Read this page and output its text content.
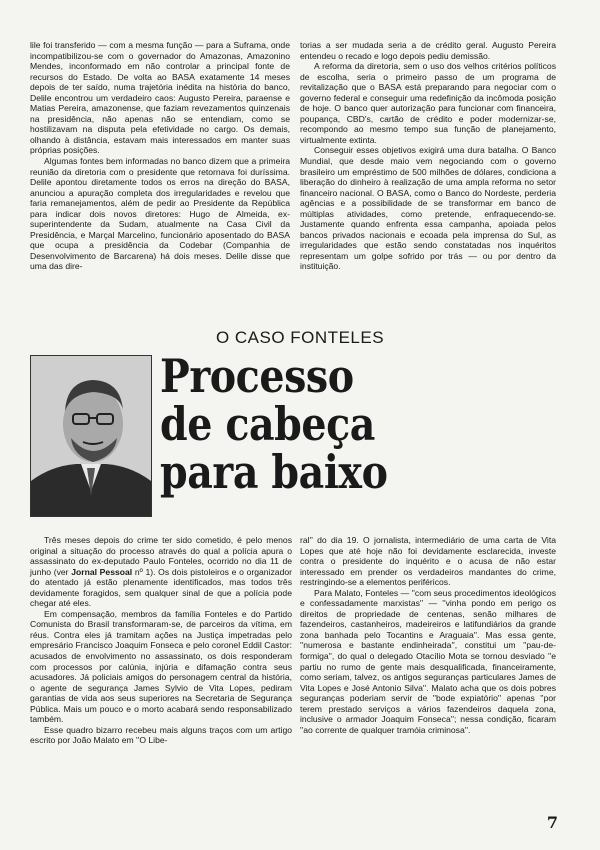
lile foi transferido — com a mesma função — para a Suframa, onde incompatibilizou-se com o governador do Amazonas, Amazonino Mendes, inconformado em não controlar a principal fonte de recursos do Estado. De volta ao BASA exatamente 14 meses depois de ter saído, numa trajetória inédita na história do banco, Delile encontrou um verdadeiro caos: Augusto Pereira, paraense e Matias Pereira, amazonense, que faziam revezamentos quinzenais na presidência, não apenas não se entendiam, como se hostilizavam na disputa pela efetividade no cargo. Os demais, olhando à distância, estavam mais interessados em manter suas próprias posições.

Algumas fontes bem informadas no banco dizem que a primeira reunião da diretoria com o presidente que retornava foi duríssima. Delile apontou diretamente todos os erros na direção do BASA, anunciou a apuração completa dos irregularidades e revelou que faria remanejamentos, além de pedir ao Presidente da República para indicar dois novos diretores: Hugo de Almeida, ex-superintendente da Sudam, atualmente na Casa Civil da Presidência, e Marçal Marcelino, funcionário aposentado do BASA que ocupa a presidência da Codebar (Companhia de Desenvolvimento de Barcarena) há dois meses. Delile disse que uma das dire-

torias a ser mudada seria a de crédito geral. Augusto Pereira entendeu o recado e logo depois pediu demissão.

A reforma da diretoria, sem o uso dos velhos critérios políticos de escolha, seria o primeiro passo de um programa de revitalização que o BASA está preparando para negociar com o governo federal e conseguir uma redefinição da incômoda posição de hoje. O banco quer autorização para funcionar com financeira, poupança, CBD's, cartão de crédito e poder modernizar-se, recompondo ao mesmo tempo sua função de planejamento, virtualmente extinta.

Conseguir esses objetivos exigirá uma dura batalha. O Banco Mundial, que desde maio vem negociando com o governo brasileiro um empréstimo de 500 milhões de dólares, condiciona a liberação do dinheiro à realização de uma ampla reforma no setor financeiro nacional. O BASA, como o Banco do Nordeste, perderia agências e a possibilidade de se transformar em banco de múltiplas atividades, como pretende, enfraquecendo-se. Justamente quando enfrenta essa campanha, apoiada pelos bancos privados nacionais e ecoada pela imprensa do Sul, as irregularidades que estão sendo constatadas nos inquéritos representam um golpe sofrido por trás — ou por dentro da instituição.

O CASO FONTELES
Processo
de cabeça
para baixo

Três meses depois do crime ter sido cometido, é pelo menos original a situação do processo através do qual a polícia apura o assassinato do ex-deputado Paulo Fonteles, ocorrido no dia 11 de junho (ver Jornal Pessoal nº 1). Os dois pistoleiros e o organizador do atentado já estão plenamente identificados, mas todos três devidamente foragidos, sem qualquer sinal de que a polícia pode chegar até eles.

Em compensação, membros da família Fonteles e do Partido Comunista do Brasil transformaram-se, de parceiros da vítima, em réus. Contra eles já tramitam ações na Justiça impetradas pelo empresário Francisco Joaquim Fonseca e pelo coronel Eddil Castor: acusados de envolvimento no assassinato, os dois responderam com processos por calúnia, injúria e difamação contra seus acusadores. Já policiais amigos do personagem central da história, o agente de segurança James Sylvio de Vita Lopes, pediram garantias de vida aos seus superiores na Secretaria de Segurança Pública. Mais um pouco e o morto acabará sendo responsabilizado também.

Esse quadro bizarro recebeu mais alguns traços com um artigo escrito por João Malato em ''O Libe-

ral'' do dia 19. O jornalista, intermediário de uma carta de Vita Lopes que até hoje não foi devidamente esclarecida, investe contra o presidente do inquérito e o acusa de não estar interessado em prender os verdadeiros mandantes do crime, restringindo-se a elementos periféricos.

Para Malato, Fonteles — ''com seus procedimentos ideológicos e confessadamente marxistas'' — ''vinha pondo em perigo os direitos de propriedade de centenas, senão milhares de fazendeiros, castanheiros, madeireiros e latifundiários da grande zona banhada pelo Tocantins e Araguaia''. Mas essa gente, ''numerosa e bastante endinheirada'', constitui um ''pau-de-formiga'', do qual o delegado Otacílio Mota se tornou desviado ''e partiu no rumo de gente mais desqualificada, financeiramente, como seriam, talvez, os antigos seguranças particulares James de Vita Lopes e José Antonio Silva''. Malato acha que os dois pobres seguranças poderiam servir de ''bode expiatório'' apenas ''por terem prestado serviços a vários fazendeiros daquela zona, inclusive o armador Joaquim Fonseca''; nessa condição, ficaram ''ao corrente de qualquer tramóia criminosa''.

7
